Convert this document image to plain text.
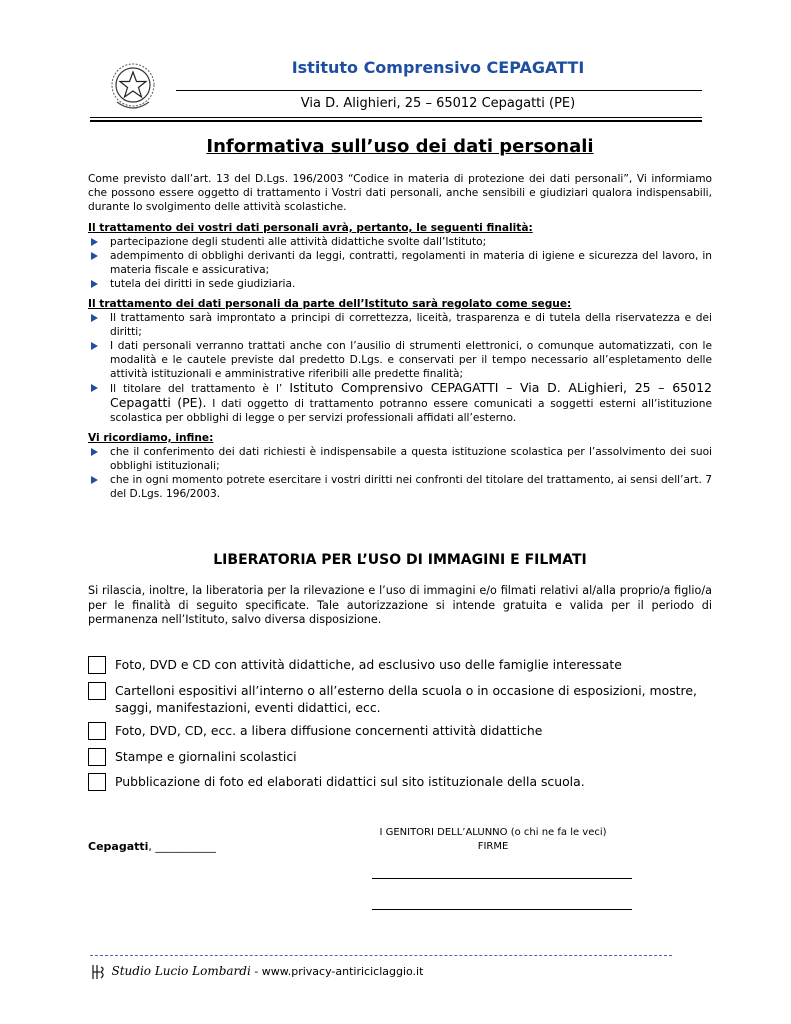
Istituto Comprensivo CEPAGATTI
Via D. Alighieri, 25 – 65012 Cepagatti (PE)
Informativa sull’uso dei dati personali
Come previsto dall’art. 13 del D.Lgs. 196/2003 “Codice in materia di protezione dei dati personali”, Vi informiamo che possono essere oggetto di trattamento i Vostri dati personali, anche sensibili e giudiziari qualora indispensabili, durante lo svolgimento delle attività scolastiche.
Il trattamento dei vostri dati personali avrà, pertanto, le seguenti finalità:
partecipazione degli studenti alle attività didattiche svolte dall’Istituto;
adempimento di obblighi derivanti da leggi, contratti, regolamenti in materia di igiene e sicurezza del lavoro, in materia fiscale e assicurativa;
tutela dei diritti in sede giudiziaria.
Il trattamento dei dati personali da parte dell’Istituto sarà regolato come segue:
Il trattamento sarà improntato a principi di correttezza, liceità, trasparenza e di tutela della riservatezza e dei diritti;
I dati personali verranno trattati anche con l’ausilio di strumenti elettronici, o comunque automatizzati, con le modalità e le cautele previste dal predetto D.Lgs. e conservati per il tempo necessario all’espletamento delle attività istituzionali e amministrative riferibili alle predette finalità;
Il titolare del trattamento è l’ Istituto Comprensivo CEPAGATTI – Via D. ALighieri, 25 – 65012 Cepagatti (PE). I dati oggetto di trattamento potranno essere comunicati a soggetti esterni all’istituzione scolastica per obblighi di legge o per servizi professionali affidati all’esterno.
Vi ricordiamo, infine:
che il conferimento dei dati richiesti è indispensabile a questa istituzione scolastica per l’assolvimento dei suoi obblighi istituzionali;
che in ogni momento potrete esercitare i vostri diritti nei confronti del titolare del trattamento, ai sensi dell’art. 7 del D.Lgs. 196/2003.
LIBERATORIA PER L’USO DI IMMAGINI E FILMATI
Si rilascia, inoltre, la liberatoria per la rilevazione e l’uso di immagini e/o filmati relativi al/alla proprio/a figlio/a per le finalità di seguito specificate. Tale autorizzazione si intende gratuita e valida per il periodo di permanenza nell’Istituto, salvo diversa disposizione.
Foto, DVD e CD con attività didattiche, ad esclusivo uso delle famiglie interessate
Cartelloni espositivi all’interno o all’esterno della scuola o in occasione di esposizioni, mostre, saggi, manifestazioni, eventi didattici, ecc.
Foto, DVD, CD, ecc. a libera diffusione concernenti attività didattiche
Stampe e giornalini scolastici
Pubblicazione di foto ed elaborati didattici sul sito istituzionale della scuola.
Cepagatti, ___________
I GENITORI DELL’ALUNNO (o chi ne fa le veci)
FIRME
Studio Lucio Lombardi - www.privacy-antiriciclaggio.it
